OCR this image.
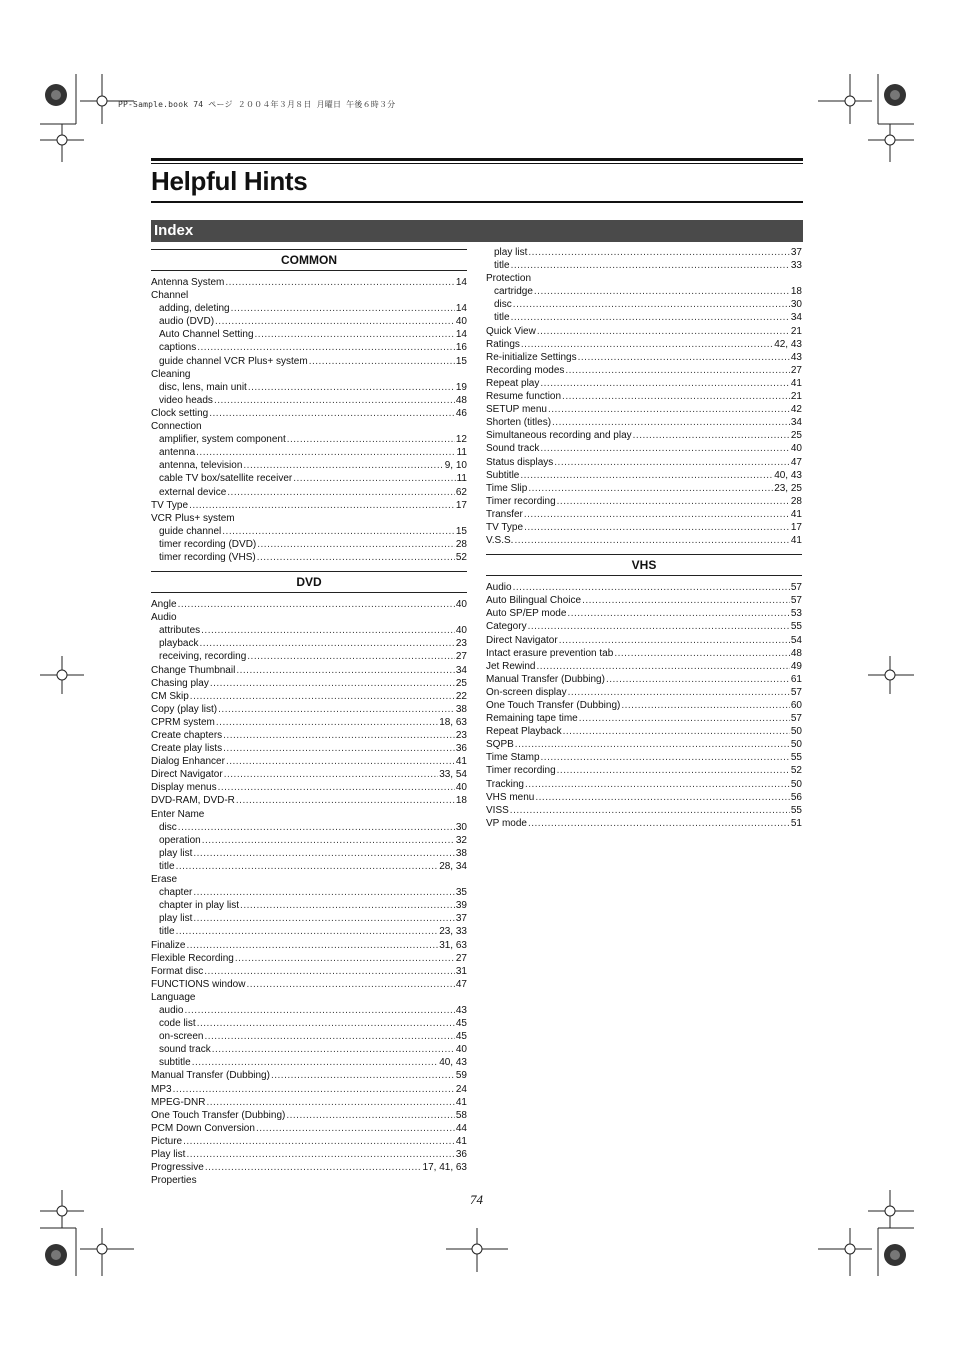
PP-Sample.book 74 ページ ２００４年３月８日 月曜日 午後６時３分
Helpful Hints
Index
COMMON
Antenna System .....	14
Channel
adding, deleting .....	14
audio (DVD) .....	40
Auto Channel Setting .....	14
captions .....	16
guide channel VCR Plus+ system .....	15
Cleaning
disc, lens, main unit .....	19
video heads .....	48
Clock setting .....	46
Connection
amplifier, system component .....	12
antenna .....	11
antenna, television .....	9, 10
cable TV box/satellite receiver .....	11
external device .....	62
TV Type .....	17
VCR Plus+ system
guide channel .....	15
timer recording (DVD) .....	28
timer recording (VHS) .....	52
DVD
Angle .....	40
Audio
attributes .....	40
playback .....	23
receiving, recording .....	27
Change Thumbnail .....	34
Chasing play .....	25
CM Skip .....	22
Copy (play list) .....	38
CPRM system .....	18, 63
Create chapters .....	23
Create play lists .....	36
Dialog Enhancer .....	41
Direct Navigator .....	33, 54
Display menus .....	40
DVD-RAM, DVD-R .....	18
Enter Name
disc .....	30
operation .....	32
play list .....	38
title .....	28, 34
Erase
chapter .....	35
chapter in play list .....	39
play list .....	37
title .....	23, 33
Finalize .....	31, 63
Flexible Recording .....	27
Format disc .....	31
FUNCTIONS window .....	47
Language
audio .....	43
code list .....	45
on-screen .....	45
sound track .....	40
subtitle .....	40, 43
Manual Transfer (Dubbing) .....	59
MP3 .....	24
MPEG-DNR .....	41
One Touch Transfer (Dubbing) .....	58
PCM Down Conversion .....	44
Picture .....	41
Play list .....	36
Progressive .....	17, 41, 63
Properties
play list .....	37
title .....	33
Protection
cartridge .....	18
disc .....	30
title .....	34
Quick View .....	21
Ratings .....	42, 43
Re-initialize Settings .....	43
Recording modes .....	27
Repeat play .....	41
Resume function .....	21
SETUP menu .....	42
Shorten (titles) .....	34
Simultaneous recording and play .....	25
Sound track .....	40
Status displays .....	47
Subtitle .....	40, 43
Time Slip .....	23, 25
Timer recording .....	28
Transfer .....	41
TV Type .....	17
V.S.S. .....	41
VHS
Audio .....	57
Auto Bilingual Choice .....	57
Auto SP/EP mode .....	53
Category .....	55
Direct Navigator .....	54
Intact erasure prevention tab .....	48
Jet Rewind .....	49
Manual Transfer (Dubbing) .....	61
On-screen display .....	57
One Touch Transfer (Dubbing) .....	60
Remaining tape time .....	57
Repeat Playback .....	50
SQPB .....	50
Time Stamp .....	55
Timer recording .....	52
Tracking .....	50
VHS menu .....	56
VISS .....	55
VP mode .....	51
74
